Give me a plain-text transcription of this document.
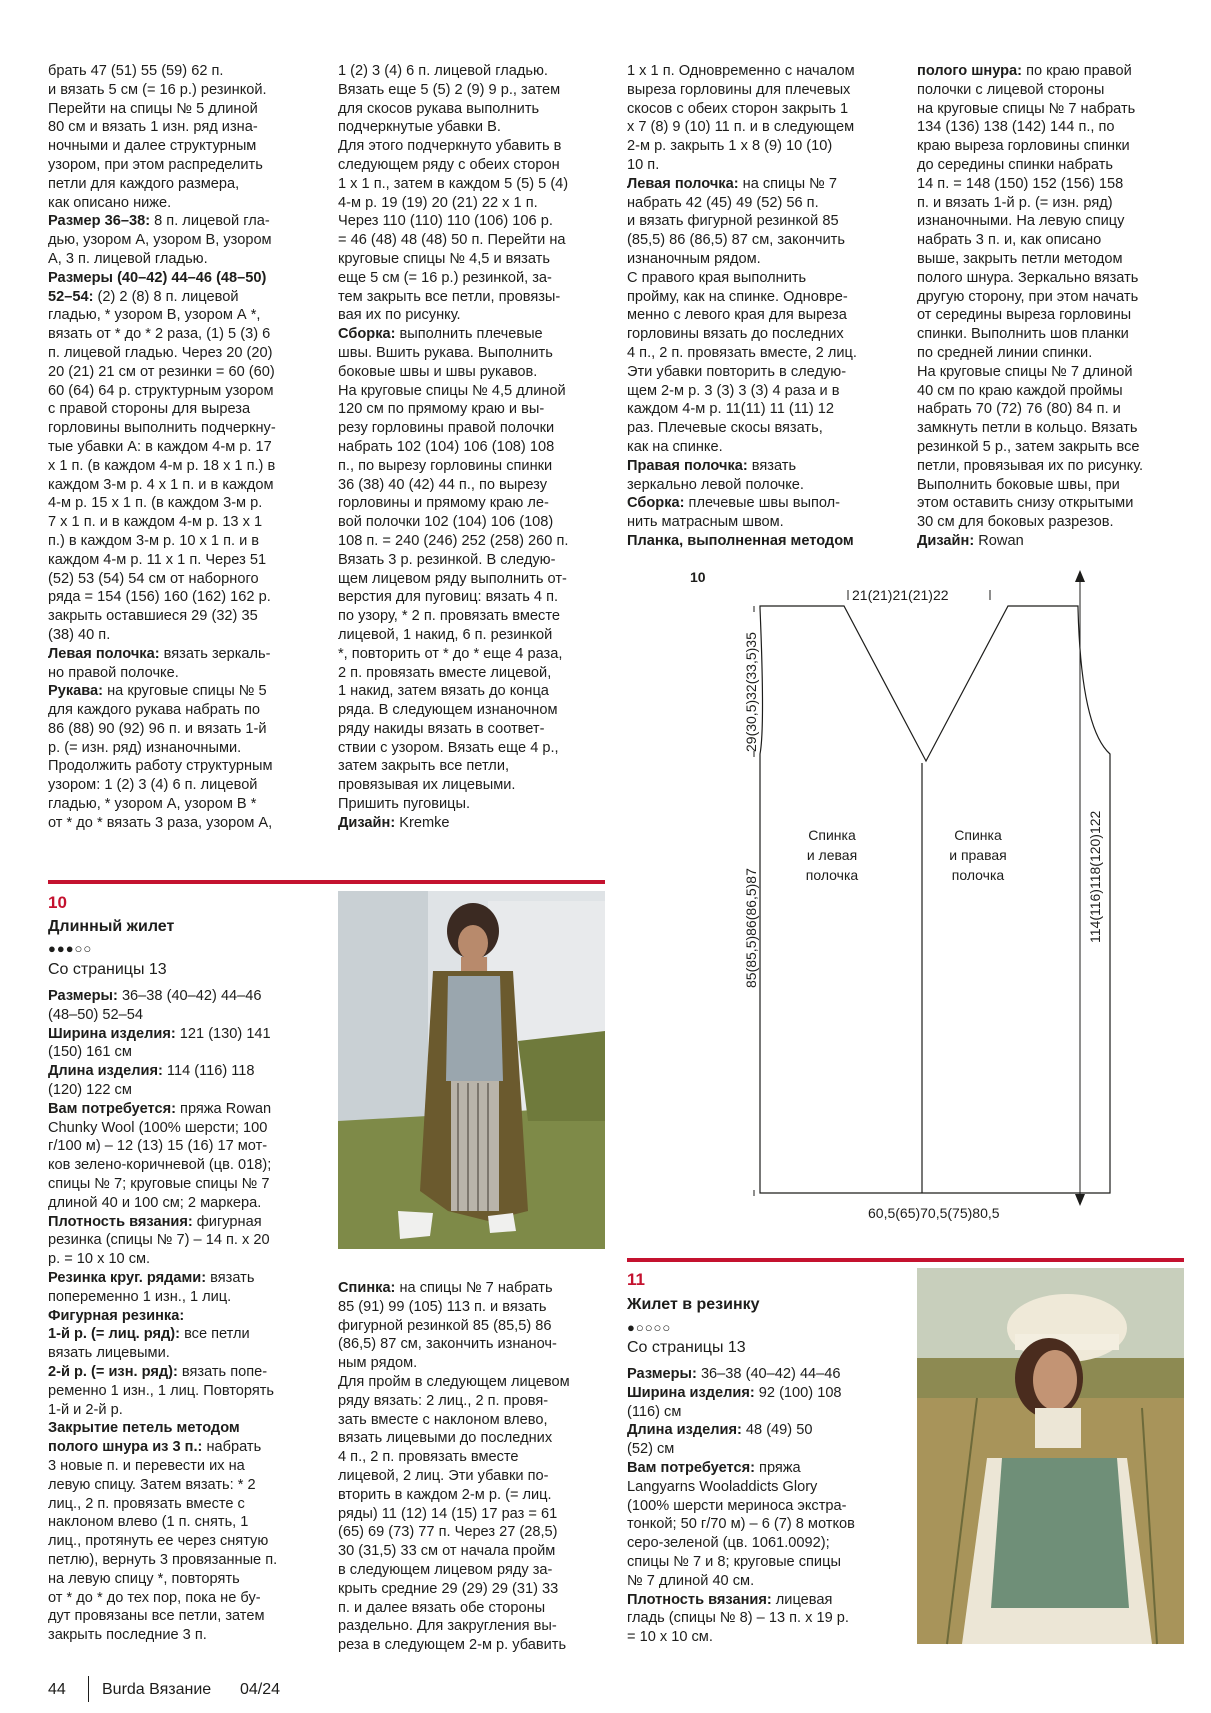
брать 47 (51) 55 (59) 62 п.
и вязать 5 см (= 16 р.) резинкой.
Перейти на спицы № 5 длиной
80 см и вязать 1 изн. ряд изна-
ночными и далее структурным
узором, при этом распределить
петли для каждого размера,
как описано ниже.
Размер 36–38: 8 п. лицевой гла-
дью, узором А, узором В, узором
А, 3 п. лицевой гладью.
Размеры (40–42) 44–46 (48–50)
52–54: (2) 2 (8) 8 п. лицевой
гладью, * узором В, узором А *,
вязать от * до * 2 раза, (1) 5 (3) 6
п. лицевой гладью. Через 20 (20)
20 (21) 21 см от резинки = 60 (60)
60 (64) 64 р. структурным узором
с правой стороны для выреза
горловины выполнить подчеркну-
тые убавки А: в каждом 4-м р. 17
х 1 п. (в каждом 4-м р. 18 х 1 п.) в
каждом 3-м р. 4 х 1 п. и в каждом
4-м р. 15 х 1 п. (в каждом 3-м р.
7 х 1 п. и в каждом 4-м р. 13 х 1
п.) в каждом 3-м р. 10 х 1 п. и в
каждом 4-м р. 11 х 1 п. Через 51
(52) 53 (54) 54 см от наборного
ряда = 154 (156) 160 (162) 162 р.
закрыть оставшиеся 29 (32) 35
(38) 40 п.
Левая полочка: вязать зеркаль-
но правой полочке.
Рукава: на круговые спицы № 5
для каждого рукава набрать по
86 (88) 90 (92) 96 п. и вязать 1-й
р. (= изн. ряд) изнаночными.
Продолжить работу структурным
узором: 1 (2) 3 (4) 6 п. лицевой
гладью, * узором А, узором В *
от * до * вязать 3 раза, узором А,
1 (2) 3 (4) 6 п. лицевой гладью.
Вязать еще 5 (5) 2 (9) 9 р., затем
для скосов рукава выполнить
подчеркнутые убавки В.
Для этого подчеркнуто убавить в
следующем ряду с обеих сторон
1 х 1 п., затем в каждом 5 (5) 5 (4)
4-м р. 19 (19) 20 (21) 22 х 1 п.
Через 110 (110) 110 (106) 106 р.
= 46 (48) 48 (48) 50 п. Перейти на
круговые спицы № 4,5 и вязать
еще 5 см (= 16 р.) резинкой, за-
тем закрыть все петли, провязы-
вая их по рисунку.
Сборка: выполнить плечевые
швы. Вшить рукава. Выполнить
боковые швы и швы рукавов.
На круговые спицы № 4,5 длиной
120 см по прямому краю и вы-
резу горловины правой полочки
набрать 102 (104) 106 (108) 108
п., по вырезу горловины спинки
36 (38) 40 (42) 44 п., по вырезу
горловины и прямому краю ле-
вой полочки 102 (104) 106 (108)
108 п. = 240 (246) 252 (258) 260 п.
Вязать 3 р. резинкой. В следую-
щем лицевом ряду выполнить от-
верстия для пуговиц: вязать 4 п.
по узору, * 2 п. провязать вместе
лицевой, 1 накид, 6 п. резинкой
*, повторить от * до * еще 4 раза,
2 п. провязать вместе лицевой,
1 накид, затем вязать до конца
ряда. В следующем изнаночном
ряду накиды вязать в соответ-
ствии с узором. Вязать еще 4 р.,
затем закрыть все петли,
провязывая их лицевыми.
Пришить пуговицы.
Дизайн: Kremke
1 х 1 п. Одновременно с началом
выреза горловины для плечевых
скосов с обеих сторон закрыть 1
х 7 (8) 9 (10) 11 п. и в следующем
2-м р. закрыть 1 х 8 (9) 10 (10)
10 п.
Левая полочка: на спицы № 7
набрать 42 (45) 49 (52) 56 п.
и вязать фигурной резинкой 85
(85,5) 86 (86,5) 87 см, закончить
изнаночным рядом.
С правого края выполнить
пройму, как на спинке. Одновре-
менно с левого края для выреза
горловины вязать до последних
4 п., 2 п. провязать вместе, 2 лиц.
Эти убавки повторить в следую-
щем 2-м р. 3 (3) 3 (3) 4 раза и в
каждом 4-м р. 11(11) 11 (11) 12
раз. Плечевые скосы вязать,
как на спинке.
Правая полочка: вязать
зеркально левой полочке.
Сборка: плечевые швы выпол-
нить матрасным швом.
Планка, выполненная методом
полого шнура: по краю правой
полочки с лицевой стороны
на круговые спицы № 7 набрать
134 (136) 138 (142) 144 п., по
краю выреза горловины спинки
до середины спинки набрать
14 п. = 148 (150) 152 (156) 158
п. и вязать 1-й р. (= изн. ряд)
изнаночными. На левую спицу
набрать 3 п. и, как описано
выше, закрыть петли методом
полого шнура. Зеркально вязать
другую сторону, при этом начать
от середины выреза горловины
спинки. Выполнить шов планки
по средней линии спинки.
На круговые спицы № 7 длиной
40 см по краю каждой проймы
набрать 70 (72) 76 (80) 84 п. и
замкнуть петли в кольцо. Вязать
резинкой 5 р., затем закрыть все
петли, провязывая их по рисунку.
Выполнить боковые швы, при
этом оставить снизу открытыми
30 см для боковых разрезов.
Дизайн: Rowan
10
Длинный жилет
●●●○○
Со страницы 13
Размеры: 36–38 (40–42) 44–46
(48–50) 52–54
Ширина изделия: 121 (130) 141
(150) 161 см
Длина изделия: 114 (116) 118
(120) 122 см
Вам потребуется: пряжа Rowan
Chunky Wool (100% шерсти; 100
г/100 м) – 12 (13) 15 (16) 17 мот-
ков зелено-коричневой (цв. 018);
спицы № 7; круговые спицы № 7
длиной 40 и 100 см; 2 маркера.
Плотность вязания: фигурная
резинка (спицы № 7) – 14 п. х 20
р. = 10 х 10 см.
Резинка круг. рядами: вязать
попеременно 1 изн., 1 лиц.
Фигурная резинка:
1-й р. (= лиц. ряд): все петли
вязать лицевыми.
2-й р. (= изн. ряд): вязать попе-
ременно 1 изн., 1 лиц. Повторять
1-й и 2-й р.
Закрытие петель методом
полого шнура из 3 п.: набрать
3 новые п. и перевести их на
левую спицу. Затем вязать: * 2
лиц., 2 п. провязать вместе с
наклоном влево (1 п. снять, 1
лиц., протянуть ее через снятую
петлю), вернуть 3 провязанные п.
на левую спицу *, повторять
от * до * до тех пор, пока не бу-
дут провязаны все петли, затем
закрыть последние 3 п.
Спинка: на спицы № 7 набрать
85 (91) 99 (105) 113 п. и вязать
фигурной резинкой 85 (85,5) 86
(86,5) 87 см, закончить изнаноч-
ным рядом.
Для пройм в следующем лицевом
ряду вязать: 2 лиц., 2 п. провя-
зать вместе с наклоном влево,
вязать лицевыми до последних
4 п., 2 п. провязать вместе
лицевой, 2 лиц. Эти убавки по-
вторить в каждом 2-м р. (= лиц.
ряды) 11 (12) 14 (15) 17 раз = 61
(65) 69 (73) 77 п. Через 27 (28,5)
30 (31,5) 33 см от начала пройм
в следующем лицевом ряду за-
крыть средние 29 (29) 29 (31) 33
п. и далее вязать обе стороны
раздельно. Для закругления вы-
реза в следующем 2-м р. убавить
10
21(21)21(21)22
29(30,5)32(33,5)35
85(85,5)86(86,5)87	114(116)118(120)122
60,5(65)70,5(75)80,5
Спинка
и левая
полочка
Спинка
и правая
полочка
11
Жилет в резинку
●○○○○
Со страницы 13
Размеры: 36–38 (40–42) 44–46
Ширина изделия: 92 (100) 108
(116) см
Длина изделия: 48 (49) 50
(52) см
Вам потребуется: пряжа
Langyarns Wooladdicts Glory
(100% шерсти мериноса экстра-
тонкой; 50 г/70 м) – 6 (7) 8 мотков
серо-зеленой (цв. 1061.0092);
спицы № 7 и 8; круговые спицы
№ 7 длиной 40 см.
Плотность вязания: лицевая
гладь (спицы № 8) – 13 п. х 19 р.
= 10 х 10 см.
44 Burda Вязание 04/24
